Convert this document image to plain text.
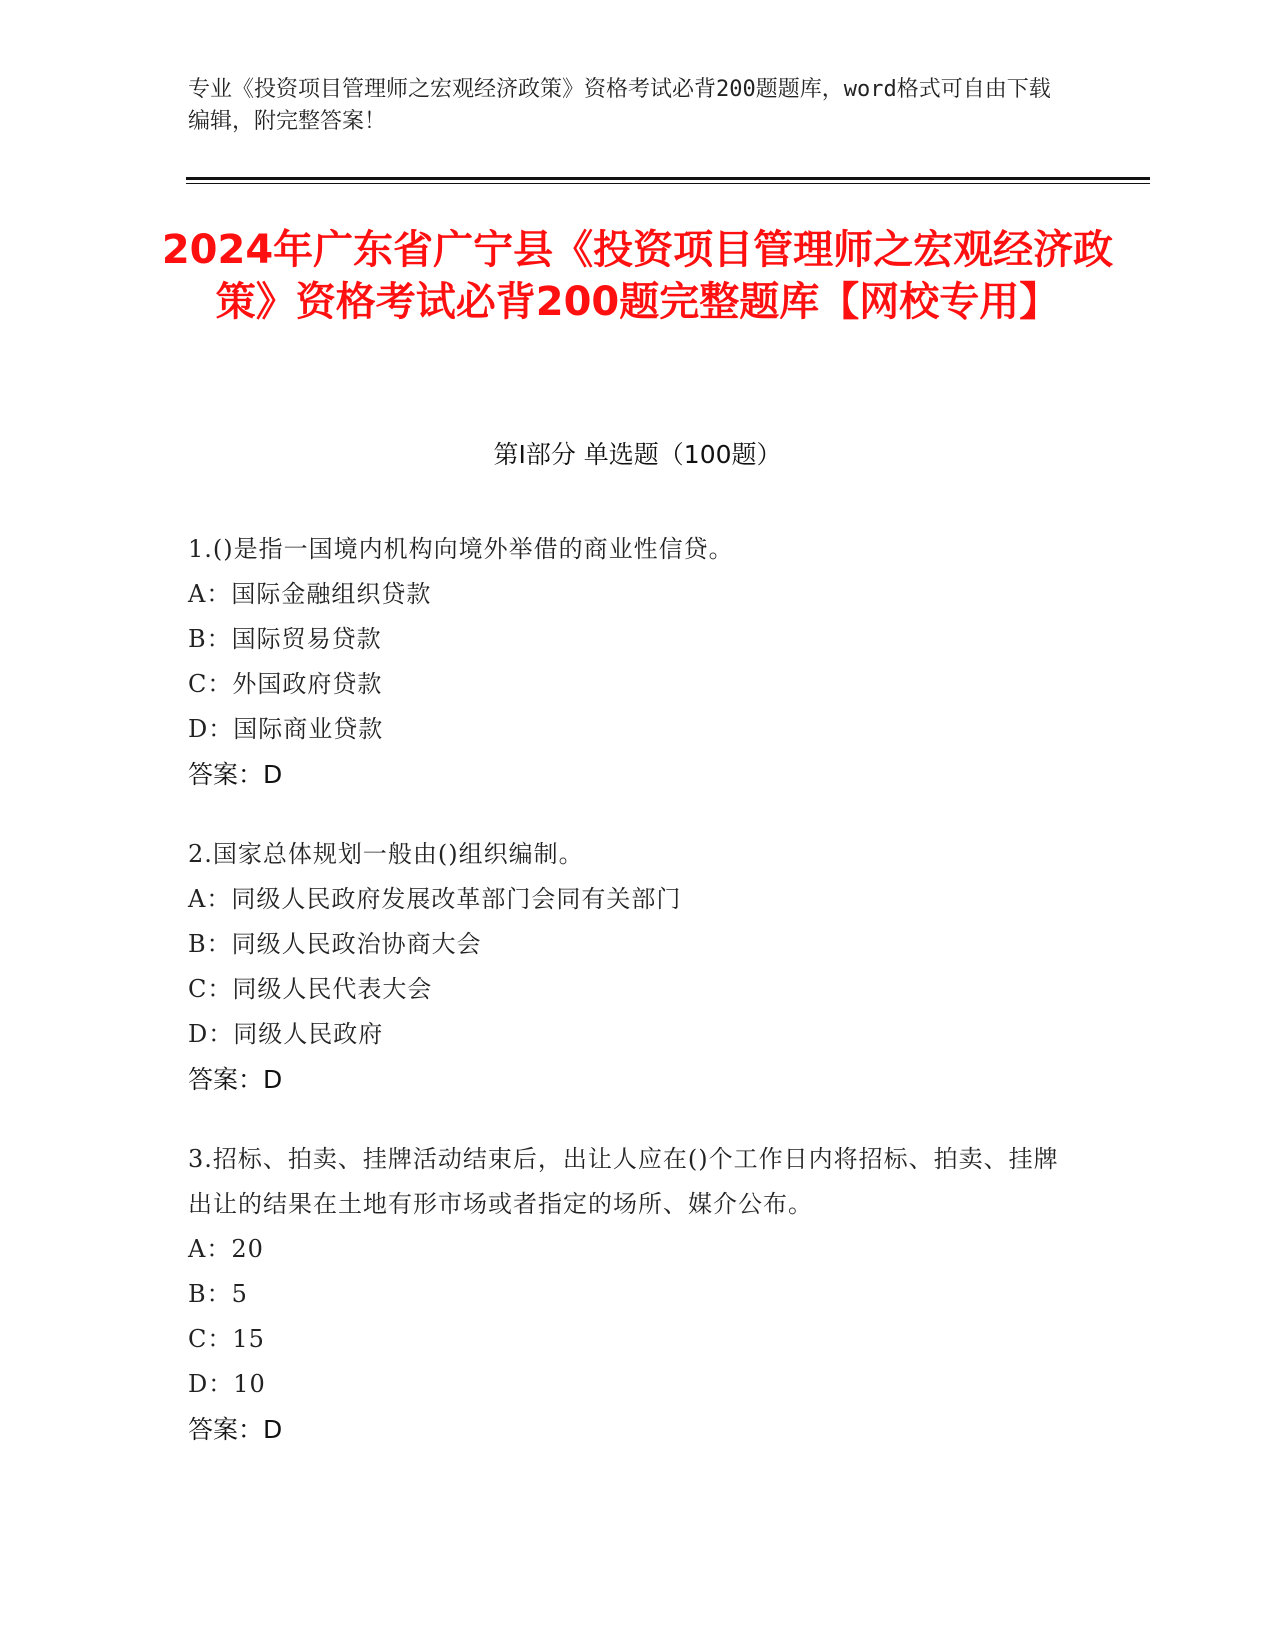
专业《投资项目管理师之宏观经济政策》资格考试必背200题题库，word格式可自由下载编辑，附完整答案！
2024年广东省广宁县《投资项目管理师之宏观经济政策》资格考试必背200题完整题库【网校专用】
第I部分 单选题（100题）
1.()是指一国境内机构向境外举借的商业性信贷。
A：国际金融组织贷款
B：国际贸易贷款
C：外国政府贷款
D：国际商业贷款
答案：D
2.国家总体规划一般由()组织编制。
A：同级人民政府发展改革部门会同有关部门
B：同级人民政治协商大会
C：同级人民代表大会
D：同级人民政府
答案：D
3.招标、拍卖、挂牌活动结束后，出让人应在()个工作日内将招标、拍卖、挂牌出让的结果在土地有形市场或者指定的场所、媒介公布。
A：20
B：5
C：15
D：10
答案：D
